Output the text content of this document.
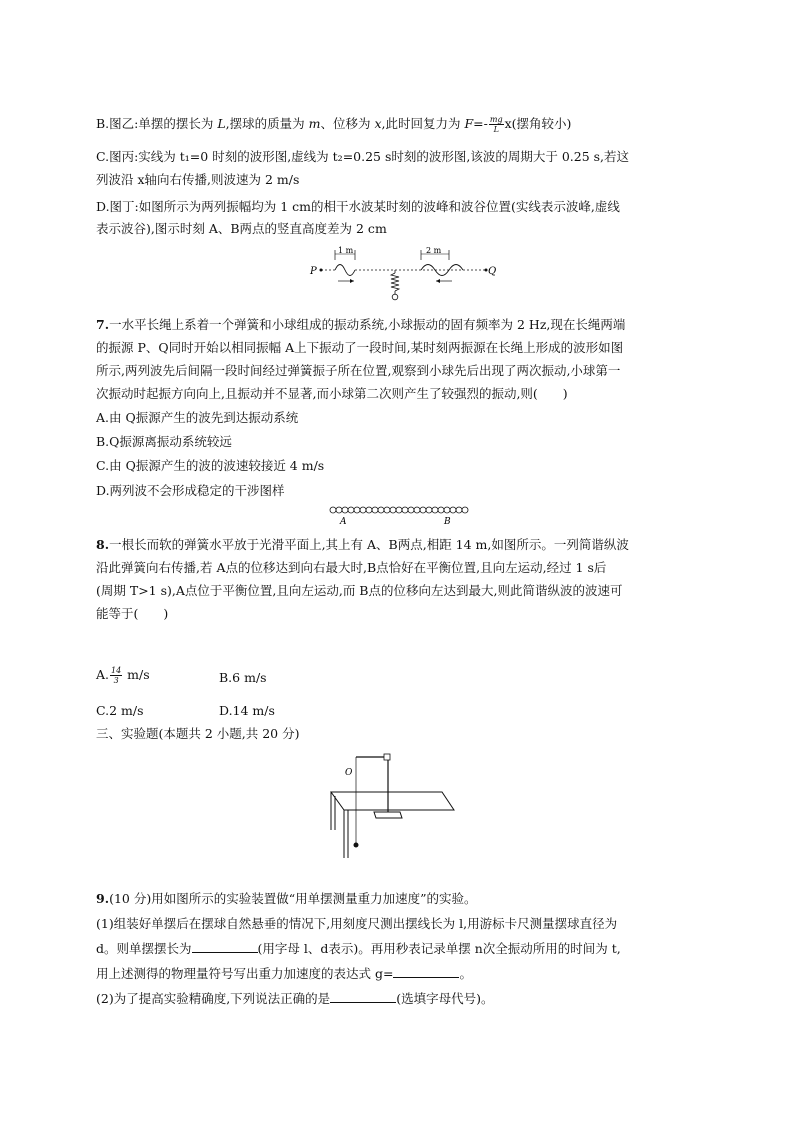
B.图乙:单摆的摆长为 L,摆球的质量为 m、位移为 x,此时回复力为 $F=- \frac{mg}{L} x$(摆角较小)
C.图丙:实线为 t₁=0 时刻的波形图,虚线为 t₂=0.25 s时刻的波形图,该波的周期大于 0.25 s,若这
列波沿 x轴向右传播,则波速为 2 m/s
D.图丁:如图所示为两列振幅均为 1 cm的相干水波某时刻的波峰和波谷位置(实线表示波峰,虚线
表示波谷),图示时刻 A、B两点的竖直高度差为 2 cm
P
1 m	2 m
Q
7.一水平长绳上系着一个弹簧和小球组成的振动系统,小球振动的固有频率为 2 Hz,现在长绳两端
的振源 P、Q同时开始以相同振幅 A上下振动了一段时间,某时刻两振源在长绳上形成的波形如图
所示,两列波先后间隔一段时间经过弹簧振子所在位置,观察到小球先后出现了两次振动,小球第一
次振动时起振方向向上,且振动并不显著,而小球第二次则产生了较强烈的振动,则(　　)
A.由 Q振源产生的波先到达振动系统
B.Q振源离振动系统较远
C.由 Q振源产生的波的波速较接近 4 m/s
D.两列波不会形成稳定的干涉图样
A	B
8.一根长而软的弹簧水平放于光滑平面上,其上有 A、B两点,相距 14 m,如图所示。一列简谐纵波
沿此弹簧向右传播,若 A点的位移达到向右最大时,B点恰好在平衡位置,且向左运动,经过 1 s后
(周期 T>1 s),A点位于平衡位置,且向左运动,而 B点的位移向左达到最大,则此简谐纵波的波速可
能等于(　　)
A. $\frac{14}{3} m/s$	B.6 m/s
C.2 m/s	D.14 m/s
三、实验题(本题共 2 小题,共 20 分)
O
9.(10 分)用如图所示的实验装置做“用单摆测量重力加速度”的实验。
(1)组装好单摆后在摆球自然悬垂的情况下,用刻度尺测出摆线长为 l,用游标卡尺测量摆球直径为
d。则单摆摆长为	(用字母 l、d表示)。再用秒表记录单摆 n次全振动所用的时间为 t,
用上述测得的物理量符号写出重力加速度的表达式 g=	。
(2)为了提高实验精确度,下列说法正确的是	(选填字母代号)。
